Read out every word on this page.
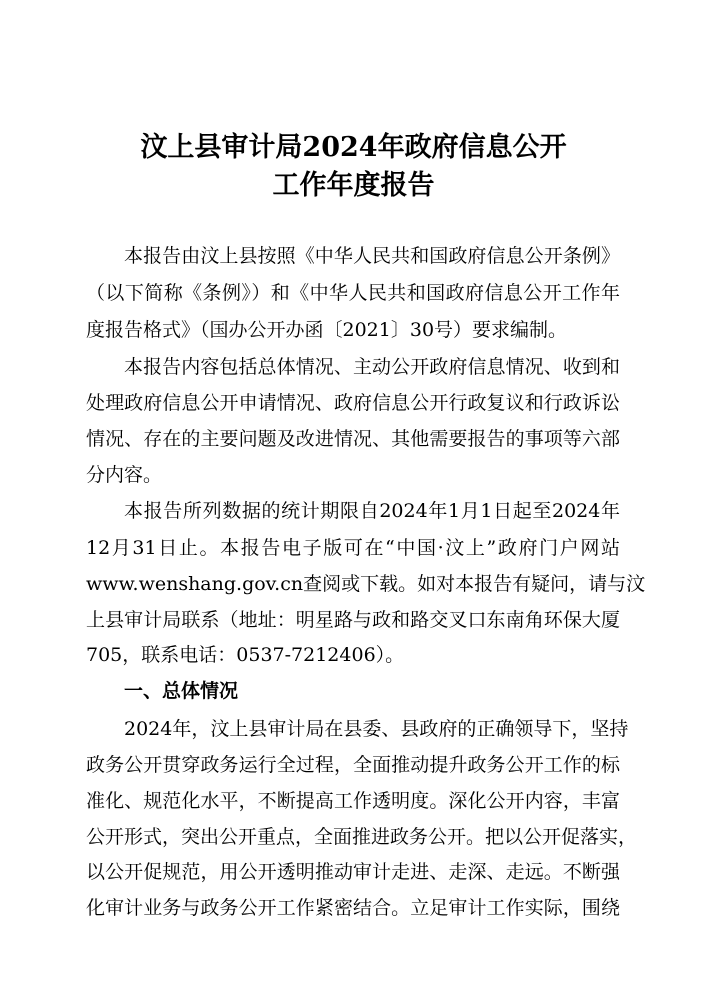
汶上县审计局2024年政府信息公开
工作年度报告
本报告由汶上县按照《中华人民共和国政府信息公开条例》
（以下简称《条例》）和《中华人民共和国政府信息公开工作年
度报告格式》（国办公开办函〔2021〕30号）要求编制。
本报告内容包括总体情况、主动公开政府信息情况、收到和
处理政府信息公开申请情况、政府信息公开行政复议和行政诉讼
情况、存在的主要问题及改进情况、其他需要报告的事项等六部
分内容。
本报告所列数据的统计期限自2024年1月1日起至2024年
12月31日止。本报告电子版可在“中国·汶上”政府门户网站
www.wenshang.gov.cn查阅或下载。如对本报告有疑问，请与汶
上县审计局联系（地址：明星路与政和路交叉口东南角环保大厦
705，联系电话：0537-7212406）。
一、总体情况
2024年，汶上县审计局在县委、县政府的正确领导下，坚持
政务公开贯穿政务运行全过程，全面推动提升政务公开工作的标
准化、规范化水平，不断提高工作透明度。深化公开内容，丰富
公开形式，突出公开重点，全面推进政务公开。把以公开促落实，
以公开促规范，用公开透明推动审计走进、走深、走远。不断强
化审计业务与政务公开工作紧密结合。立足审计工作实际，围绕
